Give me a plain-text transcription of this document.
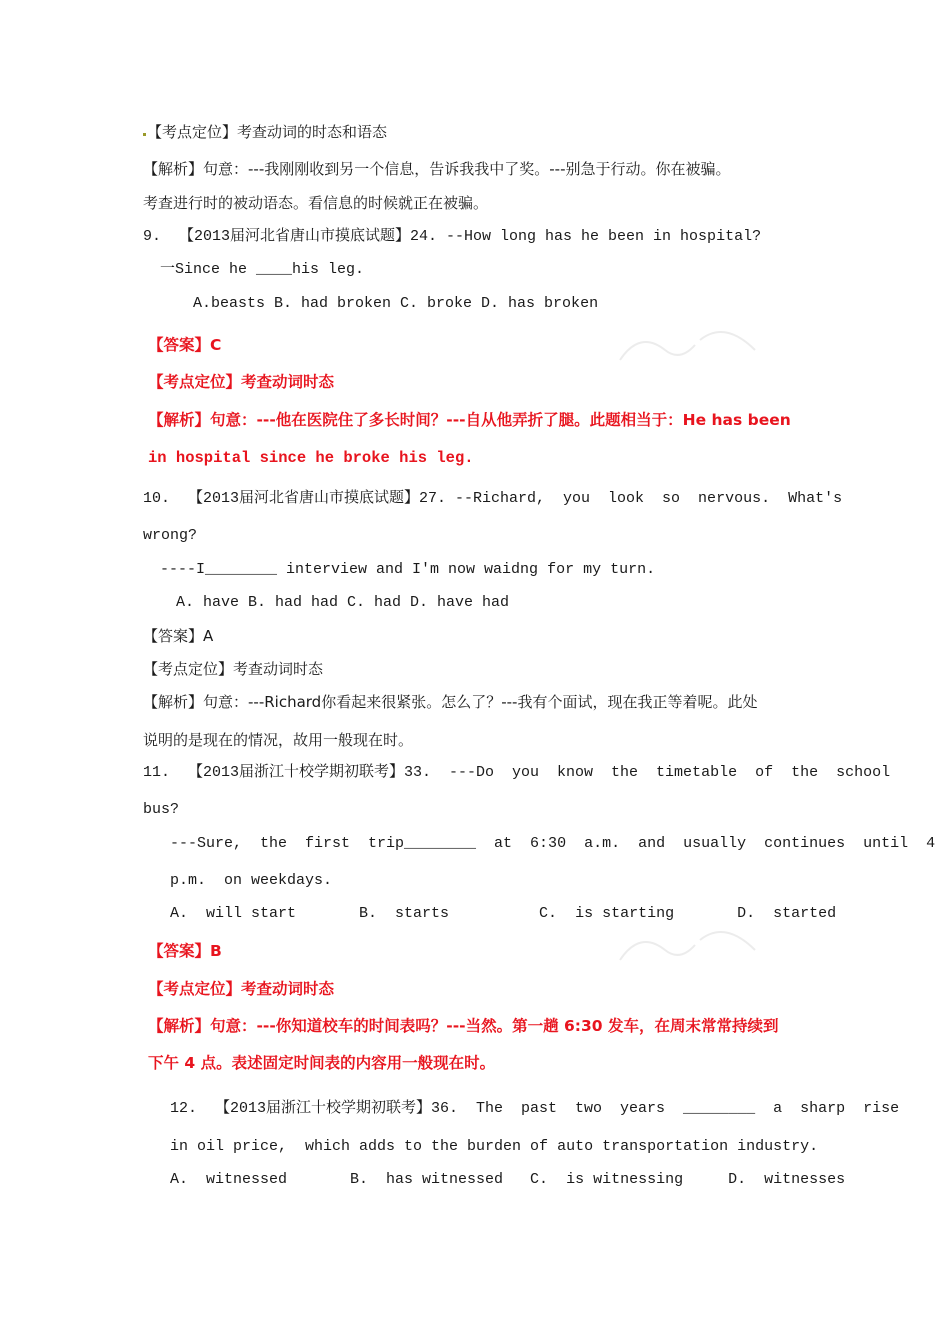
【考点定位】考查动词的时态和语态
【解析】句意：---我刚刚收到另一个信息，告诉我我中了奖。---别急于行动。你在被骗。
考查进行时的被动语态。看信息的时候就正在被骗。
9.  【2013届河北省唐山市摸底试题】24. --How long has he been in hospital?
一Since he ____his leg.
A.beasts B. had broken C. broke D. has broken
【答案】C
【考点定位】考查动词时态
【解析】句意：---他在医院住了多长时间？---自从他弄折了腿。此题相当于：He has been
in hospital since he broke his leg.
10.  【2013届河北省唐山市摸底试题】27. --Richard,  you  look  so  nervous.  What's
wrong?
----I________ interview and I'm now waidng for my turn.
A. have B. had had C. had D. have had
【答案】A
【考点定位】考查动词时态
【解析】句意：---Richard你看起来很紧张。怎么了？---我有个面试，现在我正等着呢。此处
说明的是现在的情况，故用一般现在时。
11.  【2013届浙江十校学期初联考】33.  ---Do  you  know  the  timetable  of  the  school
bus?
---Sure,  the  first  trip________  at  6:30  a.m.  and  usually  continues  until  4
p.m.  on weekdays.
A.  will start       B.  starts          C.  is starting       D.  started
【答案】B
【考点定位】考查动词时态
【解析】句意：---你知道校车的时间表吗？---当然。第一趟 6:30 发车，在周末常常持续到
下午 4 点。表述固定时间表的内容用一般现在时。
12.  【2013届浙江十校学期初联考】36.  The  past  two  years  ________  a  sharp  rise
in oil price,  which adds to the burden of auto transportation industry.
A.  witnessed       B.  has witnessed   C.  is witnessing     D.  witnesses
